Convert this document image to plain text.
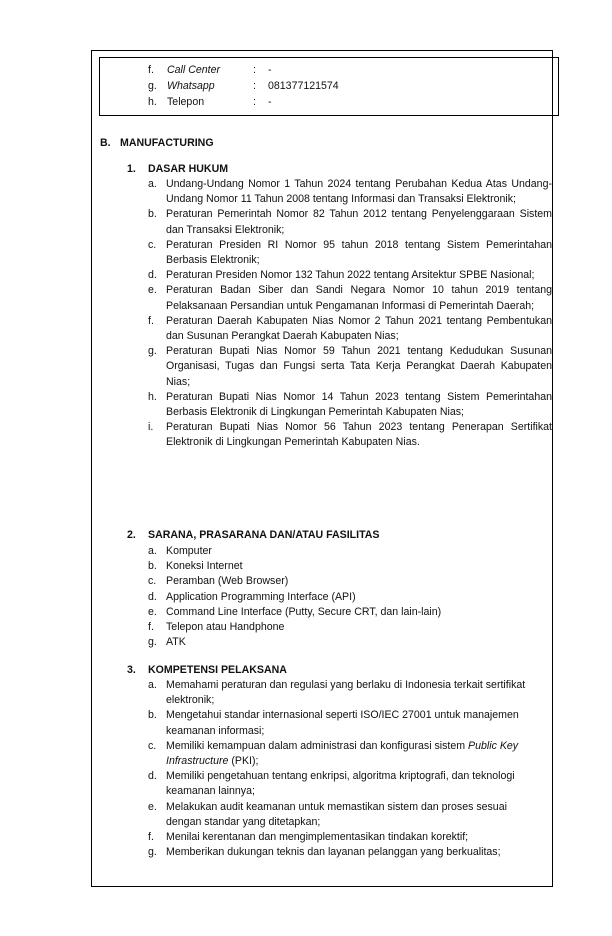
f.	Call Center	: -
g. Whatsapp	: 081377121574
h. Telepon	: -
B. MANUFACTURING
1. DASAR HUKUM
a. Undang-Undang Nomor 1 Tahun 2024 tentang Perubahan Kedua Atas Undang-Undang Nomor 11 Tahun 2008 tentang Informasi dan Transaksi Elektronik;
b. Peraturan Pemerintah Nomor 82 Tahun 2012 tentang Penyelenggaraan Sistem dan Transaksi Elektronik;
c. Peraturan Presiden RI Nomor 95 tahun 2018 tentang Sistem Pemerintahan Berbasis Elektronik;
d. Peraturan Presiden Nomor 132 Tahun 2022 tentang Arsitektur SPBE Nasional;
e. Peraturan Badan Siber dan Sandi Negara Nomor 10 tahun 2019 tentang Pelaksanaan Persandian untuk Pengamanan Informasi di Pemerintah Daerah;
f. Peraturan Daerah Kabupaten Nias Nomor 2 Tahun 2021 tentang Pembentukan dan Susunan Perangkat Daerah Kabupaten Nias;
g. Peraturan Bupati Nias Nomor 59 Tahun 2021 tentang Kedudukan Susunan Organisasi, Tugas dan Fungsi serta Tata Kerja Perangkat Daerah Kabupaten Nias;
h. Peraturan Bupati Nias Nomor 14 Tahun 2023 tentang Sistem Pemerintahan Berbasis Elektronik di Lingkungan Pemerintah Kabupaten Nias;
i. Peraturan Bupati Nias Nomor 56 Tahun 2023 tentang Penerapan Sertifikat Elektronik di Lingkungan Pemerintah Kabupaten Nias.
2. SARANA, PRASARANA DAN/ATAU FASILITAS
a. Komputer
b. Koneksi Internet
c. Peramban (Web Browser)
d. Application Programming Interface (API)
e. Command Line Interface (Putty, Secure CRT, dan lain-lain)
f. Telepon atau Handphone
g. ATK
3. KOMPETENSI PELAKSANA
a. Memahami peraturan dan regulasi yang berlaku di Indonesia terkait sertifikat elektronik;
b. Mengetahui standar internasional seperti ISO/IEC 27001 untuk manajemen keamanan informasi;
c. Memiliki kemampuan dalam administrasi dan konfigurasi sistem Public Key Infrastructure (PKI);
d. Memiliki pengetahuan tentang enkripsi, algoritma kriptografi, dan teknologi keamanan lainnya;
e. Melakukan audit keamanan untuk memastikan sistem dan proses sesuai dengan standar yang ditetapkan;
f. Menilai kerentanan dan mengimplementasikan tindakan korektif;
g. Memberikan dukungan teknis dan layanan pelanggan yang berkualitas;
